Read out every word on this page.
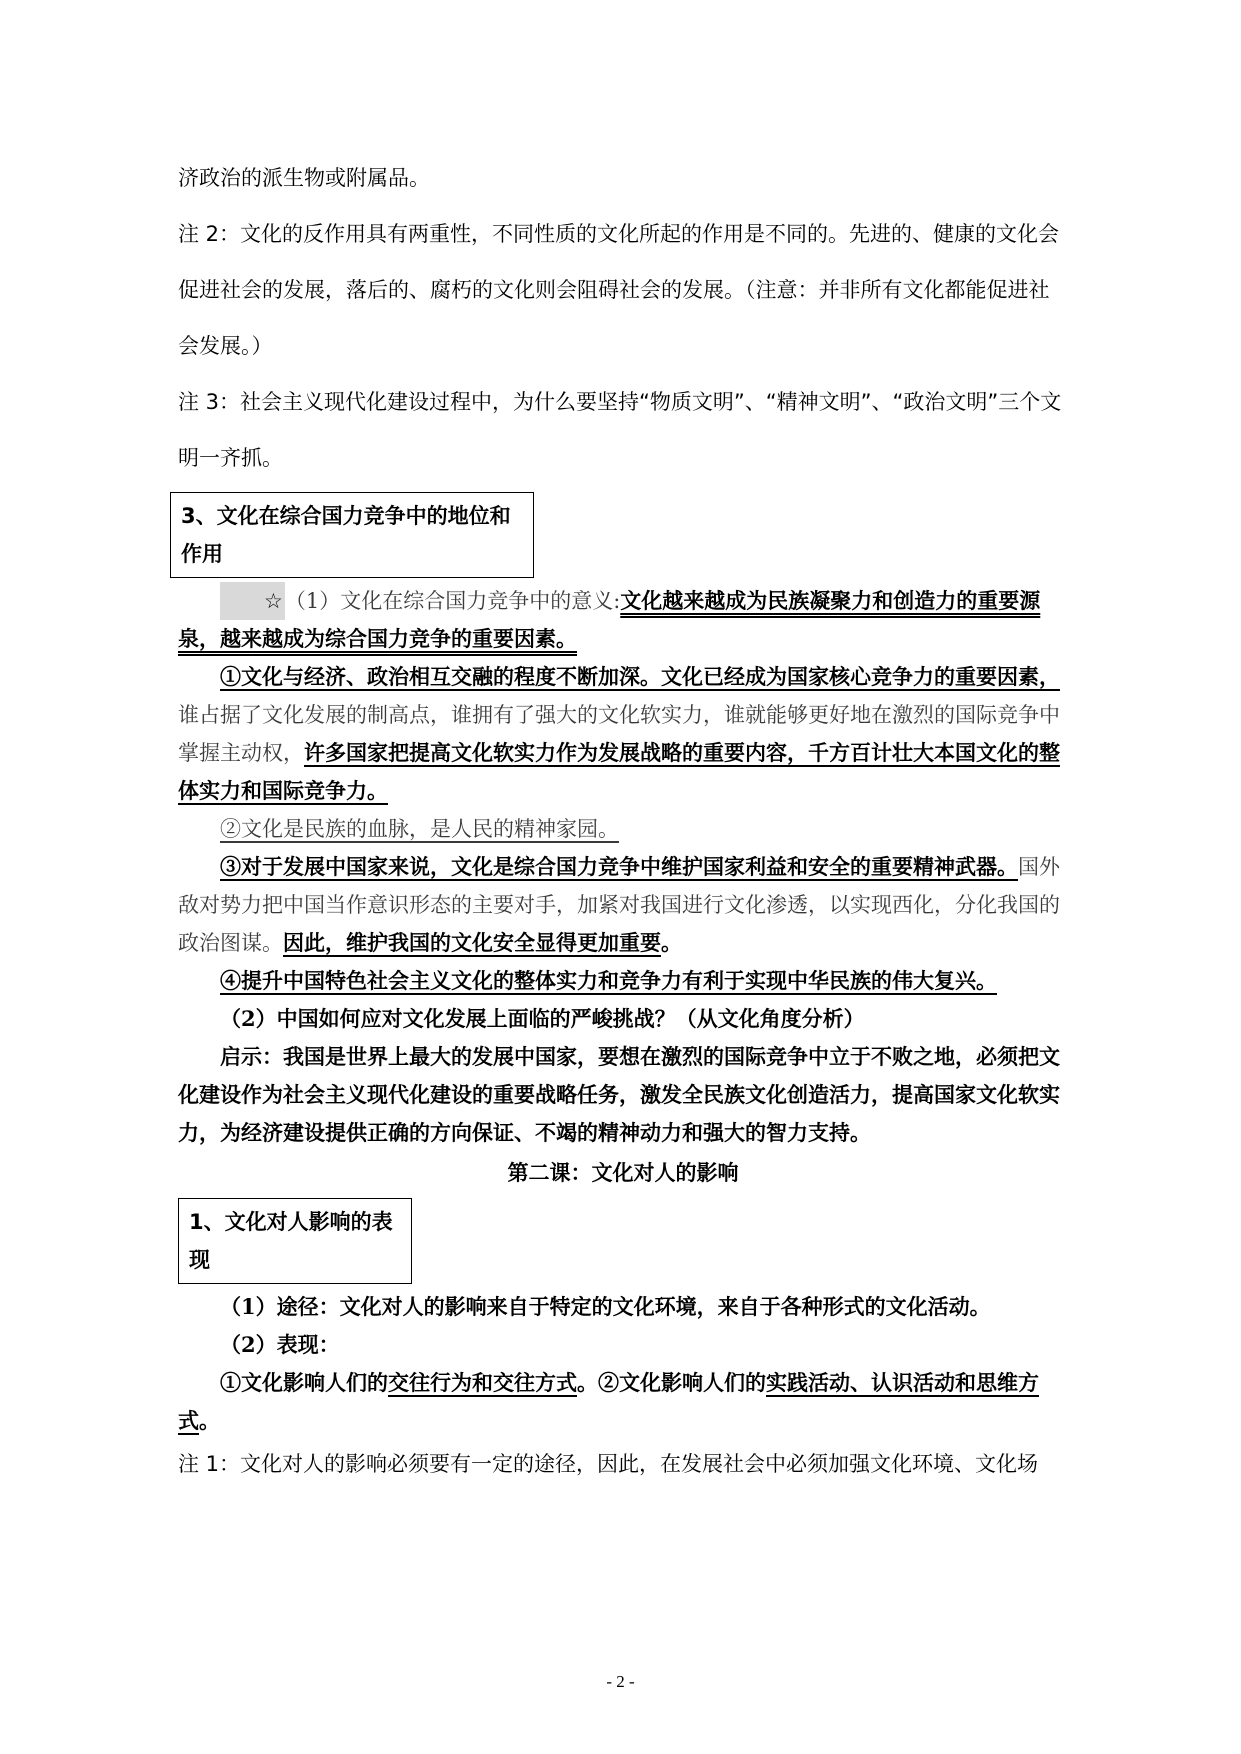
济政治的派生物或附属品。

注 2：文化的反作用具有两重性，不同性质的文化所起的作用是不同的。先进的、健康的文化会促进社会的发展，落后的、腐朽的文化则会阻碍社会的发展。（注意：并非所有文化都能促进社会发展。）

注 3：社会主义现代化建设过程中，为什么要坚持“物质文明”、“精神文明”、“政治文明”三个文明一齐抓。

3、文化在综合国力竞争中的地位和作用

☆（1）文化在综合国力竞争中的意义:文化越来越成为民族凝聚力和创造力的重要源泉，越来越成为综合国力竞争的重要因素。

①文化与经济、政治相互交融的程度不断加深。文化已经成为国家核心竞争力的重要因素，谁占据了文化发展的制高点，谁拥有了强大的文化软实力，谁就能够更好地在激烈的国际竞争中掌握主动权，许多国家把提高文化软实力作为发展战略的重要内容，千方百计壮大本国文化的整体实力和国际竞争力。

②文化是民族的血脉，是人民的精神家园。

③对于发展中国家来说，文化是综合国力竞争中维护国家利益和安全的重要精神武器。国外敌对势力把中国当作意识形态的主要对手，加紧对我国进行文化渗透，以实现西化，分化我国的政治图谋。因此，维护我国的文化安全显得更加重要。

④提升中国特色社会主义文化的整体实力和竞争力有利于实现中华民族的伟大复兴。

（2）中国如何应对文化发展上面临的严峻挑战？（从文化角度分析）

启示：我国是世界上最大的发展中国家，要想在激烈的国际竞争中立于不败之地，必须把文化建设作为社会主义现代化建设的重要战略任务，激发全民族文化创造活力，提高国家文化软实力，为经济建设提供正确的方向保证、不竭的精神动力和强大的智力支持。

第二课：文化对人的影响

1、文化对人影响的表现

（1）途径：文化对人的影响来自于特定的文化环境，来自于各种形式的文化活动。

（2）表现：

①文化影响人们的交往行为和交往方式。②文化影响人们的实践活动、认识活动和思维方式。

注 1：文化对人的影响必须要有一定的途径，因此，在发展社会中必须加强文化环境、文化场

- 2 -
